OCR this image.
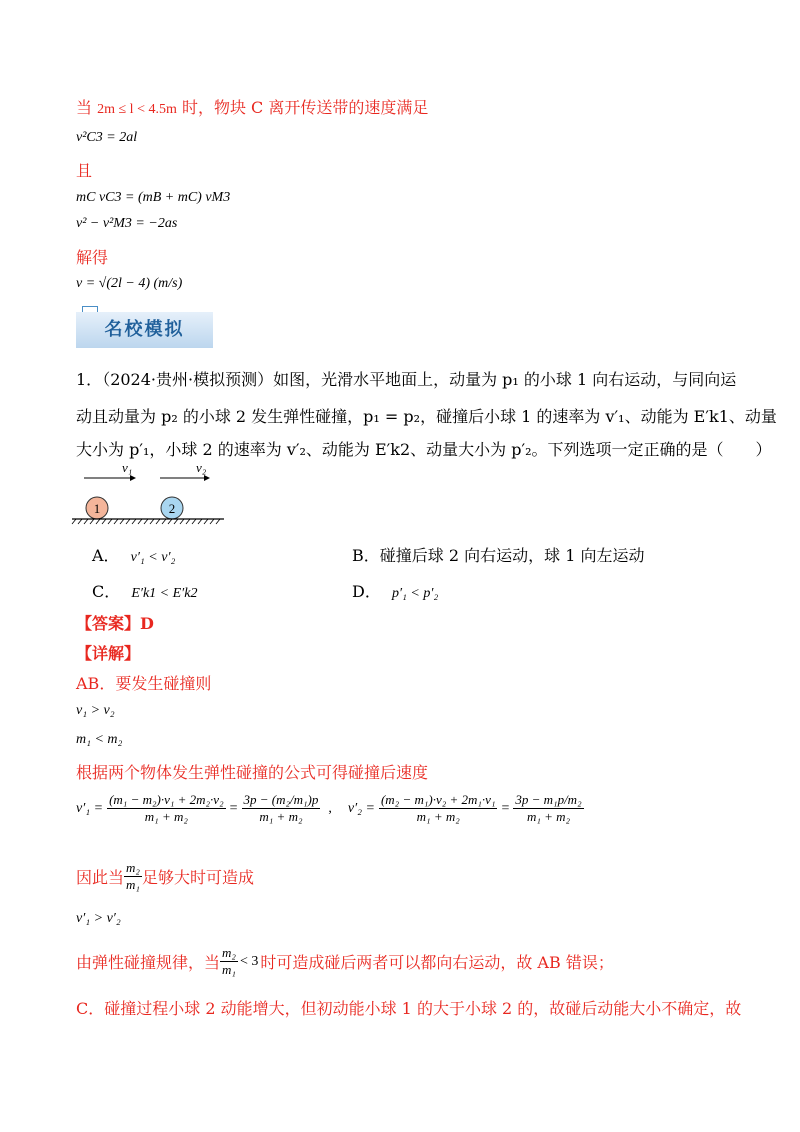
当 2m ≤ l < 4.5m 时，物块 C 离开传送带的速度满足
v²C3 = 2al
且
mC vC3 = (mB + mC) vM3
v² − v²M3 = −2as
解得
v = √(2l − 4) (m/s)
名校模拟
1．（2024·贵州·模拟预测）如图，光滑水平地面上，动量为 p₁ 的小球 1 向右运动，与同向运
动且动量为 p₂ 的小球 2 发生弹性碰撞，p₁ = p₂，碰撞后小球 1 的速率为 v′₁、动能为 E′k1、动量
大小为 p′₁，小球 2 的速率为 v′₂、动能为 E′k2、动量大小为 p′₂。下列选项一定正确的是（　　）
v₁	v₂
1	2
A． v′₁ < v′₂	B．碰撞后球 2 向右运动，球 1 向左运动
C． E′k1 < E′k2	D． p′₁ < p′₂
【答案】D
【详解】
AB．要发生碰撞则
v₁ > v₂
m₁ < m₂
根据两个物体发生弹性碰撞的公式可得碰撞后速度
$v'_1 = \frac{\text{(m₁ − m₂)·v₁ + 2m₂·v₂}}{\text{m₁ + m₂}} = \frac{\text{3p − (m₂/m₁)p}}{\text{m₁ + m₂}}$ , $v'_2 = \frac{\text{(m₂ − m₁)·v₂ + 2m₁·v₁}}{\text{m₁ + m₂}} = \frac{\text{3p − m₁p/m₂}}{\text{m₁ + m₂}}$
因此当 $\frac{\text{m₂}}{\text{m₁}}$ 足够大时可造成
v′₁ > v′₂
由弹性碰撞规律，当 $\frac{\text{m₂}}{\text{m₁}} < 3$ 时可造成碰后两者可以都向右运动，故 AB 错误；
C．碰撞过程小球 2 动能增大，但初动能小球 1 的大于小球 2 的，故碰后动能大小不确定，故
